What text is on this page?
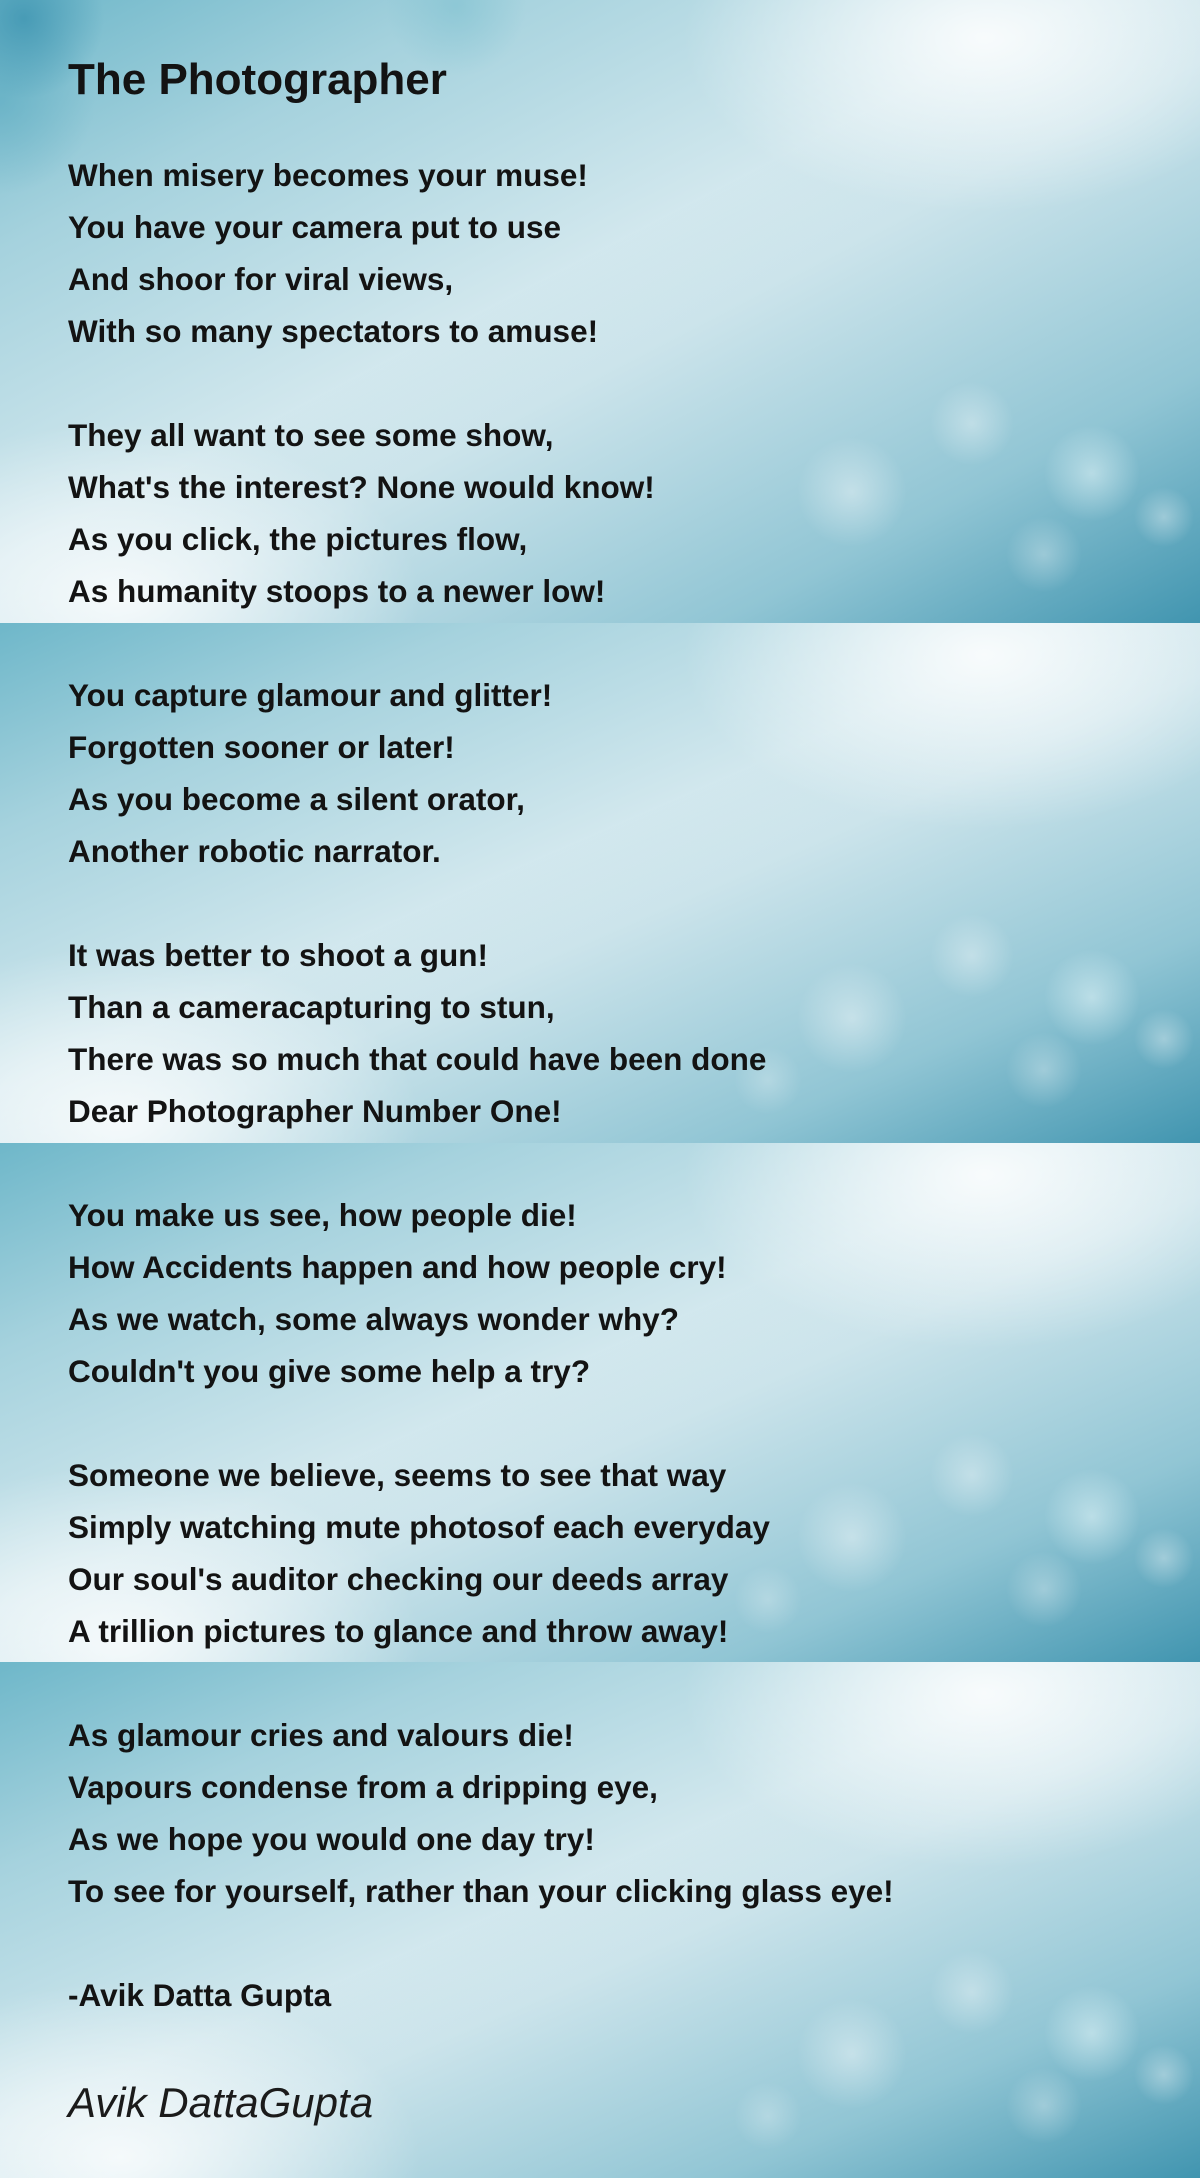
The Photographer

When misery becomes your muse!
You have your camera put to use
And shoor for viral views,
With so many spectators to amuse!

They all want to see some show,
What's the interest? None would know!
As you click, the pictures flow,
As humanity stoops to a newer low!

You capture glamour and glitter!
Forgotten sooner or later!
As you become a silent orator,
Another robotic narrator.

It was better to shoot a gun!
Than a cameracapturing to stun,
There was so much that could have been done
Dear Photographer Number One!

You make us see, how people die!
How Accidents happen and how people cry!
As we watch, some always wonder why?
Couldn't you give some help a try?

Someone we believe, seems to see that way
Simply watching mute photosof each everyday
Our soul's auditor checking our deeds array
A trillion pictures to glance and throw away!

As glamour cries and valours die!
Vapours condense from a dripping eye,
As we hope you would one day try!
To see for yourself, rather than your clicking glass eye!

-Avik Datta Gupta

Avik DattaGupta
